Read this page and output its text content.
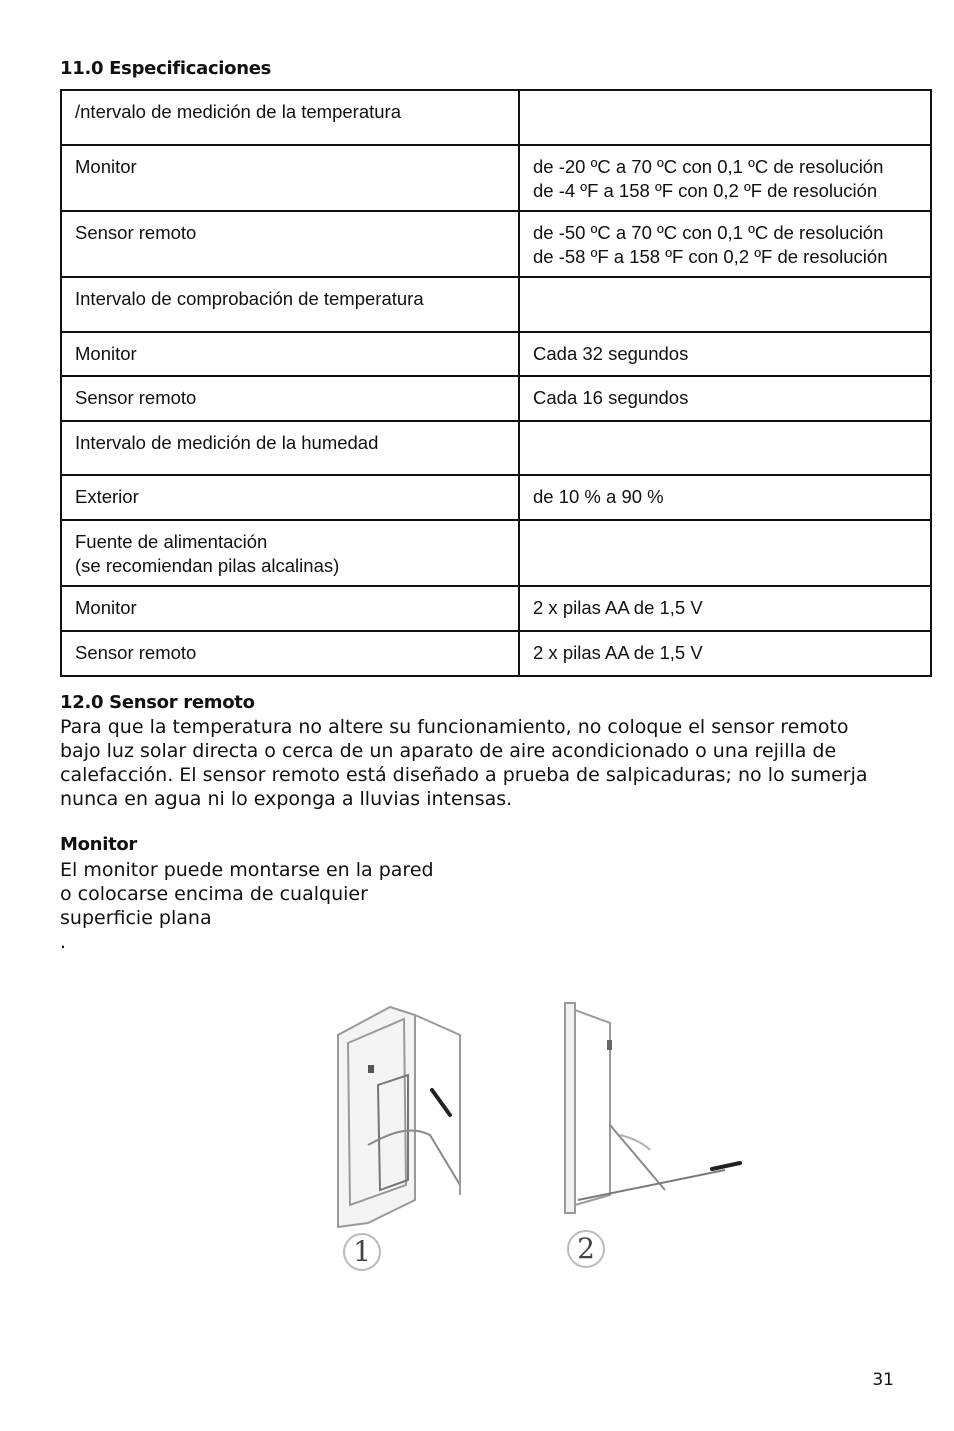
11.0 Especificaciones
/ntervalo de medición de la temperatura	
Monitor	de -20 ºC a 70 ºC con 0,1 ºC de resolución
de -4 ºF a 158 ºF con 0,2 ºF de resolución
Sensor remoto	de -50 ºC a 70 ºC con 0,1 ºC de resolución
de -58 ºF a 158 ºF con 0,2 ºF de resolución
Intervalo de comprobación de temperatura	
Monitor	Cada 32 segundos
Sensor remoto	Cada 16 segundos
Intervalo de medición de la humedad	
Exterior	de 10 % a 90 %
Fuente de alimentación
(se recomiendan pilas alcalinas)	
Monitor	2 x pilas AA de 1,5 V
Sensor remoto	2 x pilas AA de 1,5 V
12.0 Sensor remoto

Para que la temperatura no altere su funcionamiento, no coloque el sensor remoto
bajo luz solar directa o cerca de un aparato de aire acondicionado o una rejilla de
calefacción. El sensor remoto está diseñado a prueba de salpicaduras; no lo sumerja
nunca en agua ni lo exponga a lluvias intensas.

Monitor

El monitor puede montarse en la pared
o colocarse encima de cualquier
superficie plana
.

1	2
31
